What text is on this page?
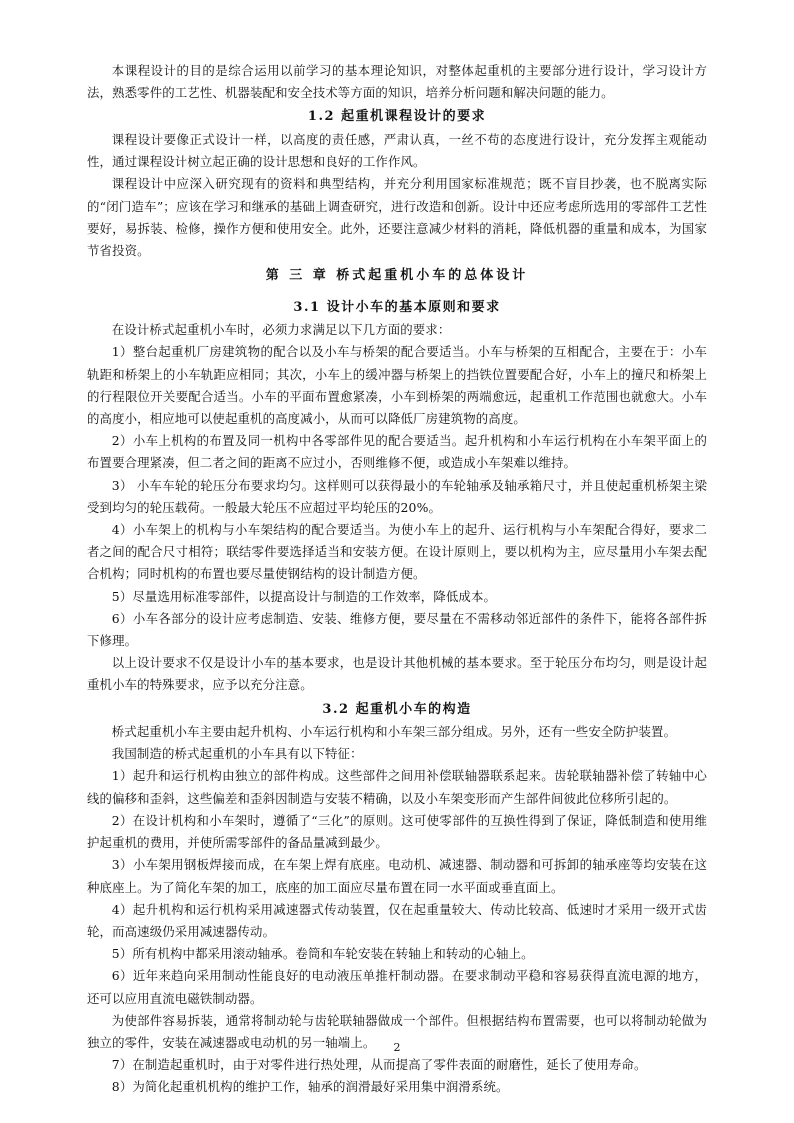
本课程设计的目的是综合运用以前学习的基本理论知识，对整体起重机的主要部分进行设计，学习设计方法，熟悉零件的工艺性、机器装配和安全技术等方面的知识，培养分析问题和解决问题的能力。

1.2 起重机课程设计的要求

课程设计要像正式设计一样，以高度的责任感，严肃认真，一丝不苟的态度进行设计，充分发挥主观能动性，通过课程设计树立起正确的设计思想和良好的工作作风。

课程设计中应深入研究现有的资料和典型结构，并充分利用国家标准规范；既不盲目抄袭，也不脱离实际的“闭门造车”；应该在学习和继承的基础上调查研究，进行改造和创新。设计中还应考虑所选用的零部件工艺性要好，易拆装、检修，操作方便和使用安全。此外，还要注意减少材料的消耗，降低机器的重量和成本，为国家节省投资。

第 三 章 桥式起重机小车的总体设计

3.1 设计小车的基本原则和要求

在设计桥式起重机小车时，必须力求满足以下几方面的要求：

1）整台起重机厂房建筑物的配合以及小车与桥架的配合要适当。小车与桥架的互相配合，主要在于：小车轨距和桥架上的小车轨距应相同；其次，小车上的缓冲器与桥架上的挡铁位置要配合好，小车上的撞尺和桥架上的行程限位开关要配合适当。小车的平面布置愈紧凑，小车到桥架的两端愈远，起重机工作范围也就愈大。小车的高度小，相应地可以使起重机的高度减小，从而可以降低厂房建筑物的高度。

2）小车上机构的布置及同一机构中各零部件见的配合要适当。起升机构和小车运行机构在小车架平面上的布置要合理紧凑，但二者之间的距离不应过小，否则维修不便，或造成小车架难以维持。

3） 小车车轮的轮压分布要求均匀。这样则可以获得最小的车轮轴承及轴承箱尺寸，并且使起重机桥架主梁受到均匀的轮压载荷。一般最大轮压不应超过平均轮压的20%。

4）小车架上的机构与小车架结构的配合要适当。为使小车上的起升、运行机构与小车架配合得好，要求二者之间的配合尺寸相符；联结零件要选择适当和安装方便。在设计原则上，要以机构为主，应尽量用小车架去配合机构；同时机构的布置也要尽量使钢结构的设计制造方便。

5）尽量选用标准零部件，以提高设计与制造的工作效率，降低成本。

6）小车各部分的设计应考虑制造、安装、维修方便，要尽量在不需移动邻近部件的条件下，能将各部件拆下修理。

以上设计要求不仅是设计小车的基本要求，也是设计其他机械的基本要求。至于轮压分布均匀，则是设计起重机小车的特殊要求，应予以充分注意。

3.2 起重机小车的构造

桥式起重机小车主要由起升机构、小车运行机构和小车架三部分组成。另外，还有一些安全防护装置。

我国制造的桥式起重机的小车具有以下特征：

1）起升和运行机构由独立的部件构成。这些部件之间用补偿联轴器联系起来。齿轮联轴器补偿了转轴中心线的偏移和歪斜，这些偏差和歪斜因制造与安装不精确，以及小车架变形而产生部件间彼此位移所引起的。

2）在设计机构和小车架时，遵循了“三化”的原则。这可使零部件的互换性得到了保证，降低制造和使用维护起重机的费用，并使所需零部件的备品量减到最少。

3）小车架用钢板焊接而成，在车架上焊有底座。电动机、减速器、制动器和可拆卸的轴承座等均安装在这种底座上。为了简化车架的加工，底座的加工面应尽量布置在同一水平面或垂直面上。

4）起升机构和运行机构采用减速器式传动装置，仅在起重量较大、传动比较高、低速时才采用一级开式齿轮，而高速级仍采用减速器传动。

5）所有机构中都采用滚动轴承。卷筒和车轮安装在转轴上和转动的心轴上。

6）近年来趋向采用制动性能良好的电动液压单推杆制动器。在要求制动平稳和容易获得直流电源的地方，还可以应用直流电磁铁制动器。

为使部件容易拆装，通常将制动轮与齿轮联轴器做成一个部件。但根据结构布置需要，也可以将制动轮做为独立的零件，安装在减速器或电动机的另一轴端上。

7）在制造起重机时，由于对零件进行热处理，从而提高了零件表面的耐磨性，延长了使用寿命。

8）为简化起重机机构的维护工作，轴承的润滑最好采用集中润滑系统。

2
